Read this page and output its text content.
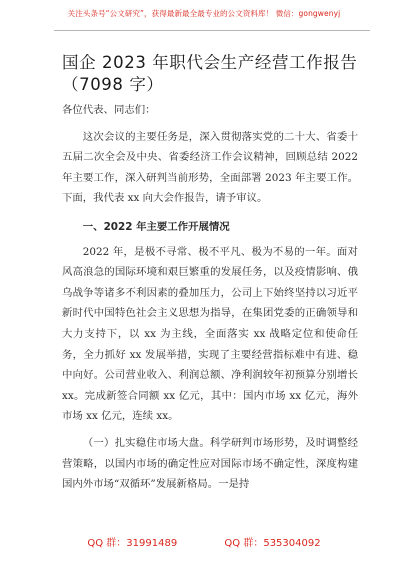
关注头条号“公文研究”，获得最新最全最专业的公文资料库！ 微信：gongwenyj
国企 2023 年职代会生产经营工作报告（7098 字）

各位代表、同志们：

这次会议的主要任务是，深入贯彻落实党的二十大、省委十五届二次全会及中央、省委经济工作会议精神，回顾总结 2022 年主要工作，深入研判当前形势，全面部署 2023 年主要工作。下面，我代表 xx 向大会作报告，请予审议。

一、2022 年主要工作开展情况

2022 年，是极不寻常、极不平凡、极为不易的一年。面对风高浪急的国际环境和艰巨繁重的发展任务，以及疫情影响、俄乌战争等诸多不利因素的叠加压力，公司上下始终坚持以习近平新时代中国特色社会主义思想为指导，在集团党委的正确领导和大力支持下，以 xx 为主线，全面落实 xx 战略定位和使命任务，全力抓好 xx 发展举措，实现了主要经营指标难中有进、稳中向好。公司营业收入、利润总额、净利润较年初预算分别增长 xx。完成新签合同额 xx 亿元，其中：国内市场 xx 亿元，海外市场 xx 亿元，连续 xx。

（一）扎实稳住市场大盘。科学研判市场形势，及时调整经营策略，以国内市场的确定性应对国际市场不确定性，深度构建国内外市场“双循环”发展新格局。一是持

QQ 群：31991489	QQ 群：535304092
